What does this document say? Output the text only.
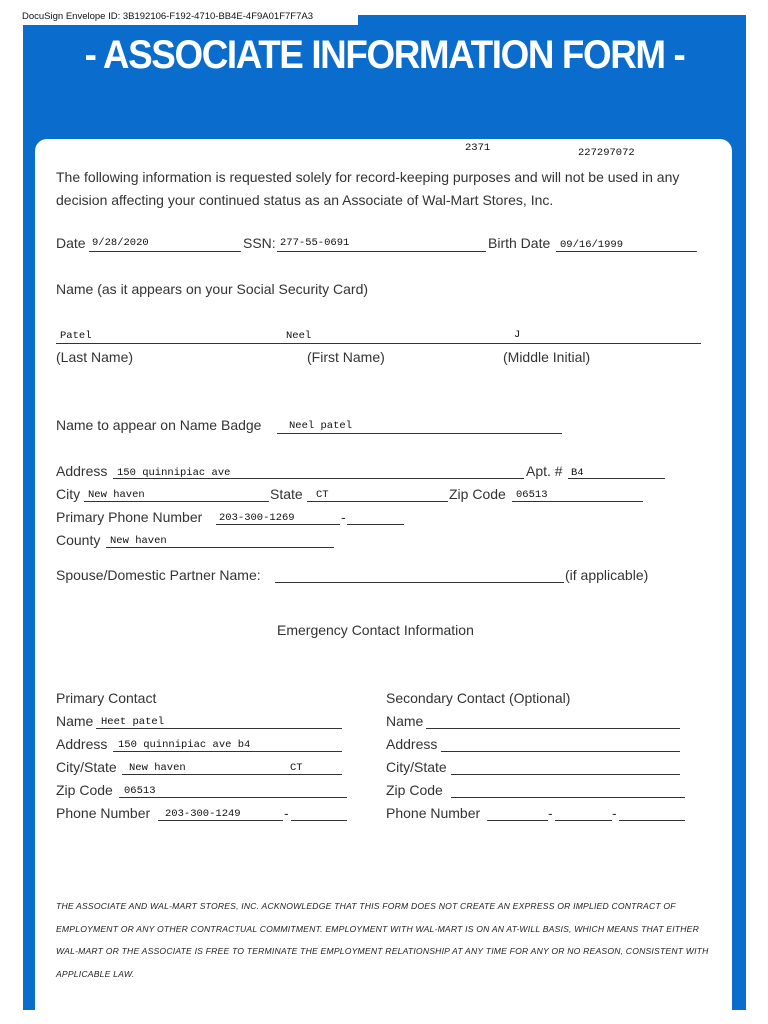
DocuSign Envelope ID: 3B192106-F192-4710-BB4E-4F9A01F7F7A3
- ASSOCIATE INFORMATION FORM -
2371	227297072
The following information is requested solely for record-keeping purposes and will not be used in any decision affecting your continued status as an Associate of Wal-Mart Stores, Inc.
Date 9/28/2020	SSN: 277-55-0691	Birth Date 09/16/1999
Name (as it appears on your Social Security Card)
Patel	Neel	J
(Last Name)	(First Name)	(Middle Initial)
Name to appear on Name Badge	Neel patel
Address 150 quinnipiac ave	Apt. # B4
City New haven	State CT	Zip Code 06513
Primary Phone Number 203-300-1269	-
County New haven
Spouse/Domestic Partner Name:	(if applicable)
Emergency Contact Information
Primary Contact	Secondary Contact (Optional)
Name Heet patel
Address 150 quinnipiac ave b4
City/State New haven	CT
Zip Code 06513
Phone Number 203-300-1249	-
Name
Address
City/State
Zip Code
Phone Number	-	-
THE ASSOCIATE AND WAL-MART STORES, INC. ACKNOWLEDGE THAT THIS FORM DOES NOT CREATE AN EXPRESS OR IMPLIED CONTRACT OF EMPLOYMENT OR ANY OTHER CONTRACTUAL COMMITMENT. EMPLOYMENT WITH WAL-MART IS ON AN AT-WILL BASIS, WHICH MEANS THAT EITHER WAL-MART OR THE ASSOCIATE IS FREE TO TERMINATE THE EMPLOYMENT RELATIONSHIP AT ANY TIME FOR ANY OR NO REASON, CONSISTENT WITH APPLICABLE LAW.
